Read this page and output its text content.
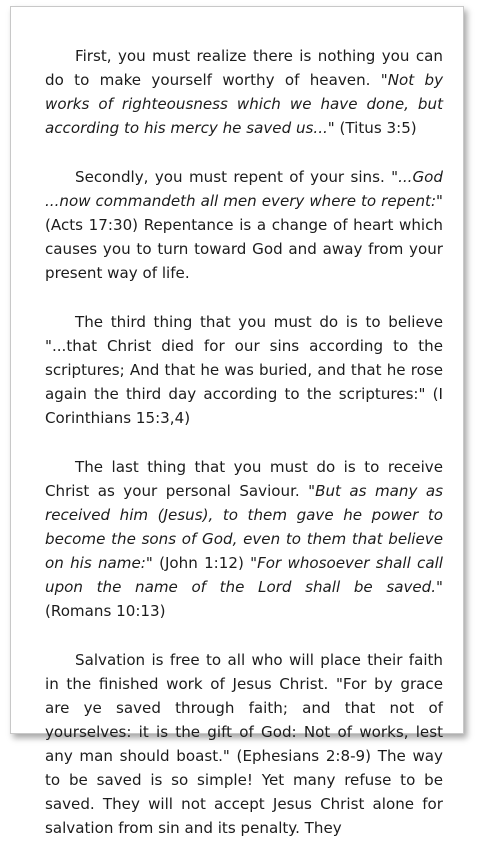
First, you must realize there is nothing you can do to make yourself worthy of heaven. "Not by works of righteousness which we have done, but according to his mercy he saved us..." (Titus 3:5)

Secondly, you must repent of your sins. "...God ...now commandeth all men every where to repent:" (Acts 17:30) Repentance is a change of heart which causes you to turn toward God and away from your present way of life.

The third thing that you must do is to believe "...that Christ died for our sins according to the scriptures; And that he was buried, and that he rose again the third day according to the scriptures:" (I Corinthians 15:3,4)

The last thing that you must do is to receive Christ as your personal Saviour. "But as many as received him (Jesus), to them gave he power to become the sons of God, even to them that believe on his name:" (John 1:12) "For whosoever shall call upon the name of the Lord shall be saved." (Romans 10:13)

Salvation is free to all who will place their faith in the finished work of Jesus Christ. "For by grace are ye saved through faith; and that not of yourselves: it is the gift of God: Not of works, lest any man should boast." (Ephesians 2:8-9) The way to be saved is so simple! Yet many refuse to be saved. They will not accept Jesus Christ alone for salvation from sin and its penalty. They
